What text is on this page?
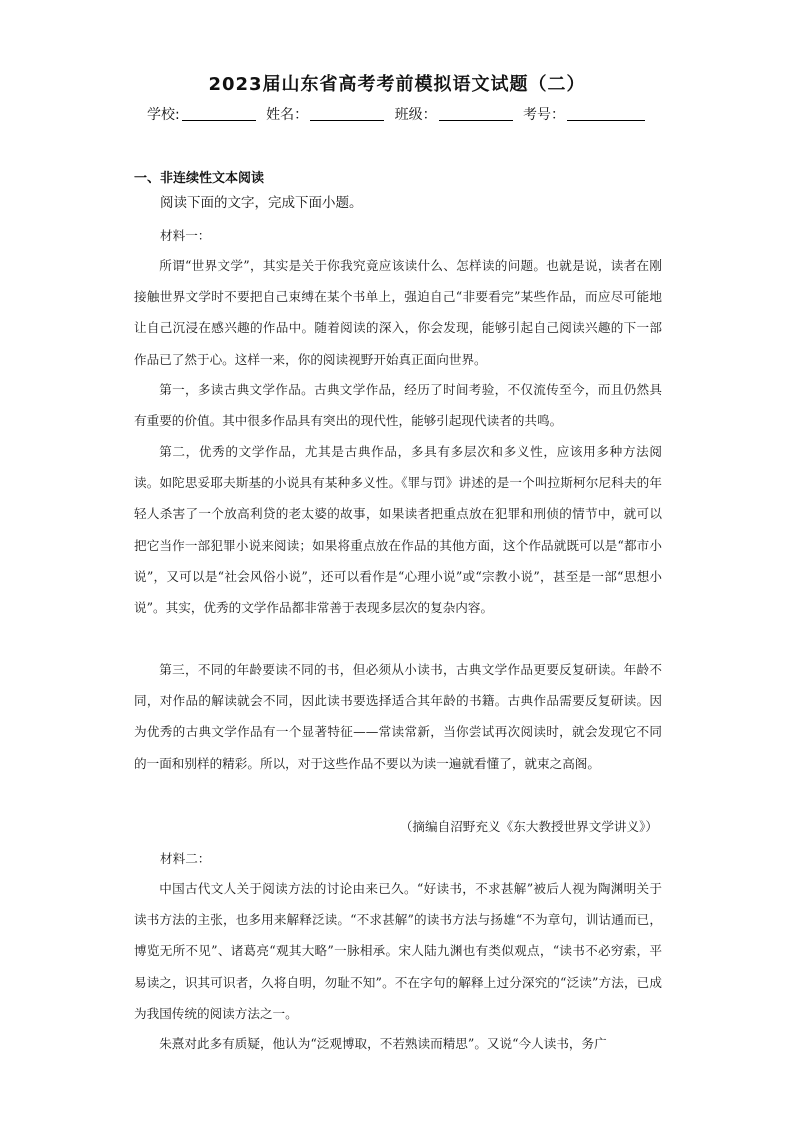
2023届山东省高考考前模拟语文试题（二）
学校:	姓名：	班级：	考号：
一、非连续性文本阅读
阅读下面的文字，完成下面小题。

材料一：

所谓“世界文学”，其实是关于你我究竟应该读什么、怎样读的问题。也就是说，读者在刚接触世界文学时不要把自己束缚在某个书单上，强迫自己“非要看完”某些作品，而应尽可能地让自己沉浸在感兴趣的作品中。随着阅读的深入，你会发现，能够引起自己阅读兴趣的下一部作品已了然于心。这样一来，你的阅读视野开始真正面向世界。

第一，多读古典文学作品。古典文学作品，经历了时间考验，不仅流传至今，而且仍然具有重要的价值。其中很多作品具有突出的现代性，能够引起现代读者的共鸣。

第二，优秀的文学作品，尤其是古典作品，多具有多层次和多义性，应该用多种方法阅读。如陀思妥耶夫斯基的小说具有某种多义性。《罪与罚》讲述的是一个叫拉斯柯尔尼科夫的年轻人杀害了一个放高利贷的老太婆的故事，如果读者把重点放在犯罪和刑侦的情节中，就可以把它当作一部犯罪小说来阅读；如果将重点放在作品的其他方面，这个作品就既可以是“都市小说”，又可以是“社会风俗小说”，还可以看作是“心理小说”或“宗教小说”，甚至是一部“思想小说”。其实，优秀的文学作品都非常善于表现多层次的复杂内容。

第三，不同的年龄要读不同的书，但必须从小读书，古典文学作品更要反复研读。年龄不同，对作品的解读就会不同，因此读书要选择适合其年龄的书籍。古典作品需要反复研读。因为优秀的古典文学作品有一个显著特征——常读常新，当你尝试再次阅读时，就会发现它不同的一面和别样的精彩。所以，对于这些作品不要以为读一遍就看懂了，就束之高阁。

（摘编自沼野充义《东大教授世界文学讲义》）

材料二：

中国古代文人关于阅读方法的讨论由来已久。“好读书，不求甚解”被后人视为陶渊明关于读书方法的主张，也多用来解释泛读。“不求甚解”的读书方法与扬雄“不为章句，训诂通而已，博览无所不见”、诸葛亮“观其大略”一脉相承。宋人陆九渊也有类似观点，“读书不必穷索，平易读之，识其可识者，久将自明，勿耻不知”。不在字句的解释上过分深究的“泛读”方法，已成为我国传统的阅读方法之一。

朱熹对此多有质疑，他认为“泛观博取，不若熟读而精思”。又说“今人读书，务广
